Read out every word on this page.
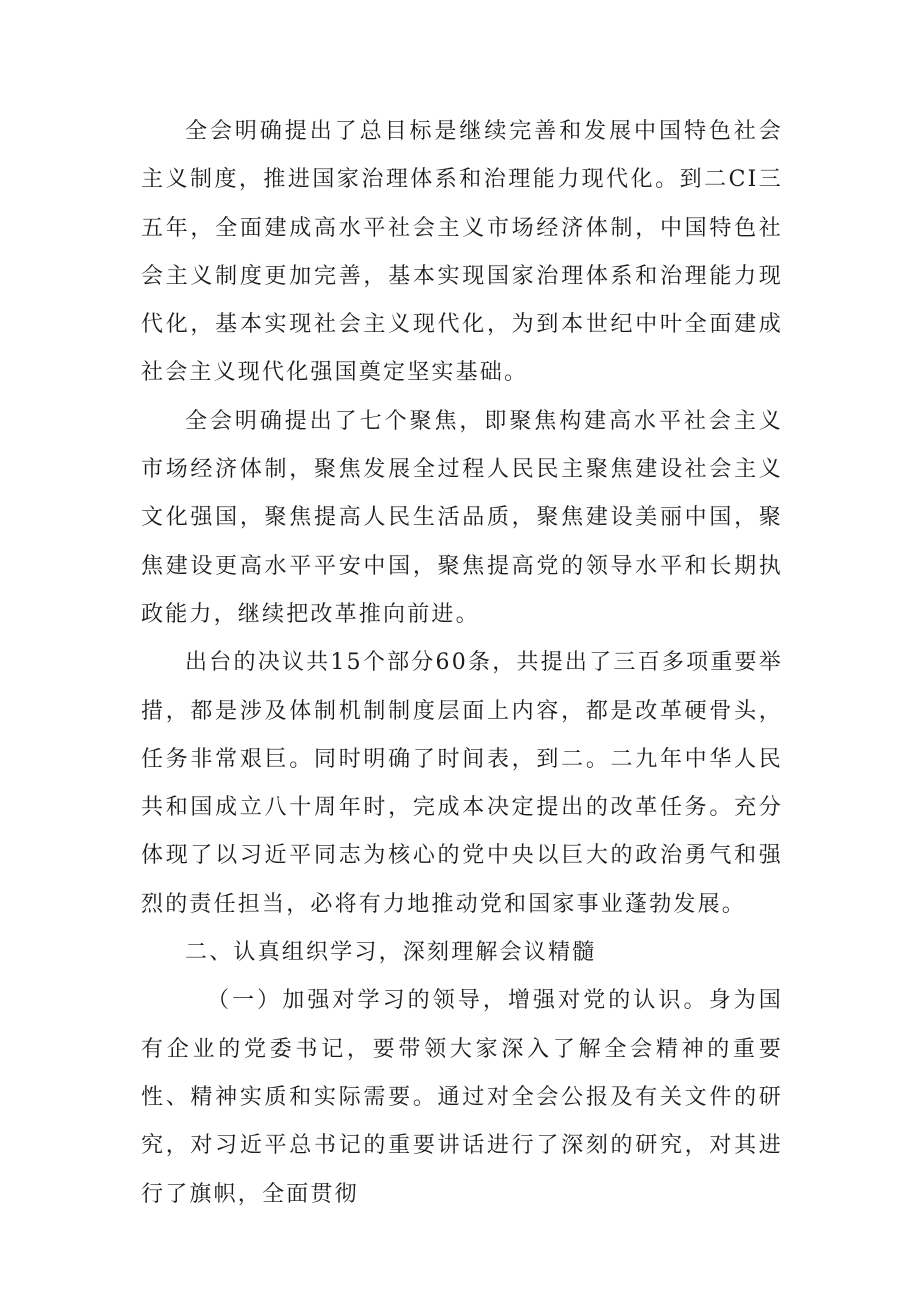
全会明确提出了总目标是继续完善和发展中国特色社会主义制度，推进国家治理体系和治理能力现代化。到二CI三五年，全面建成高水平社会主义市场经济体制，中国特色社会主义制度更加完善，基本实现国家治理体系和治理能力现代化，基本实现社会主义现代化，为到本世纪中叶全面建成社会主义现代化强国奠定坚实基础。

全会明确提出了七个聚焦，即聚焦构建高水平社会主义市场经济体制，聚焦发展全过程人民民主聚焦建设社会主义文化强国，聚焦提高人民生活品质，聚焦建设美丽中国，聚焦建设更高水平平安中国，聚焦提高党的领导水平和长期执政能力，继续把改革推向前进。

出台的决议共15个部分60条，共提出了三百多项重要举措，都是涉及体制机制制度层面上内容，都是改革硬骨头，任务非常艰巨。同时明确了时间表，到二。二九年中华人民共和国成立八十周年时，完成本决定提出的改革任务。充分体现了以习近平同志为核心的党中央以巨大的政治勇气和强烈的责任担当，必将有力地推动党和国家事业蓬勃发展。

二、认真组织学习，深刻理解会议精髓

（一）加强对学习的领导，增强对党的认识。身为国有企业的党委书记，要带领大家深入了解全会精神的重要性、精神实质和实际需要。通过对全会公报及有关文件的研究，对习近平总书记的重要讲话进行了深刻的研究，对其进行了旗帜，全面贯彻
